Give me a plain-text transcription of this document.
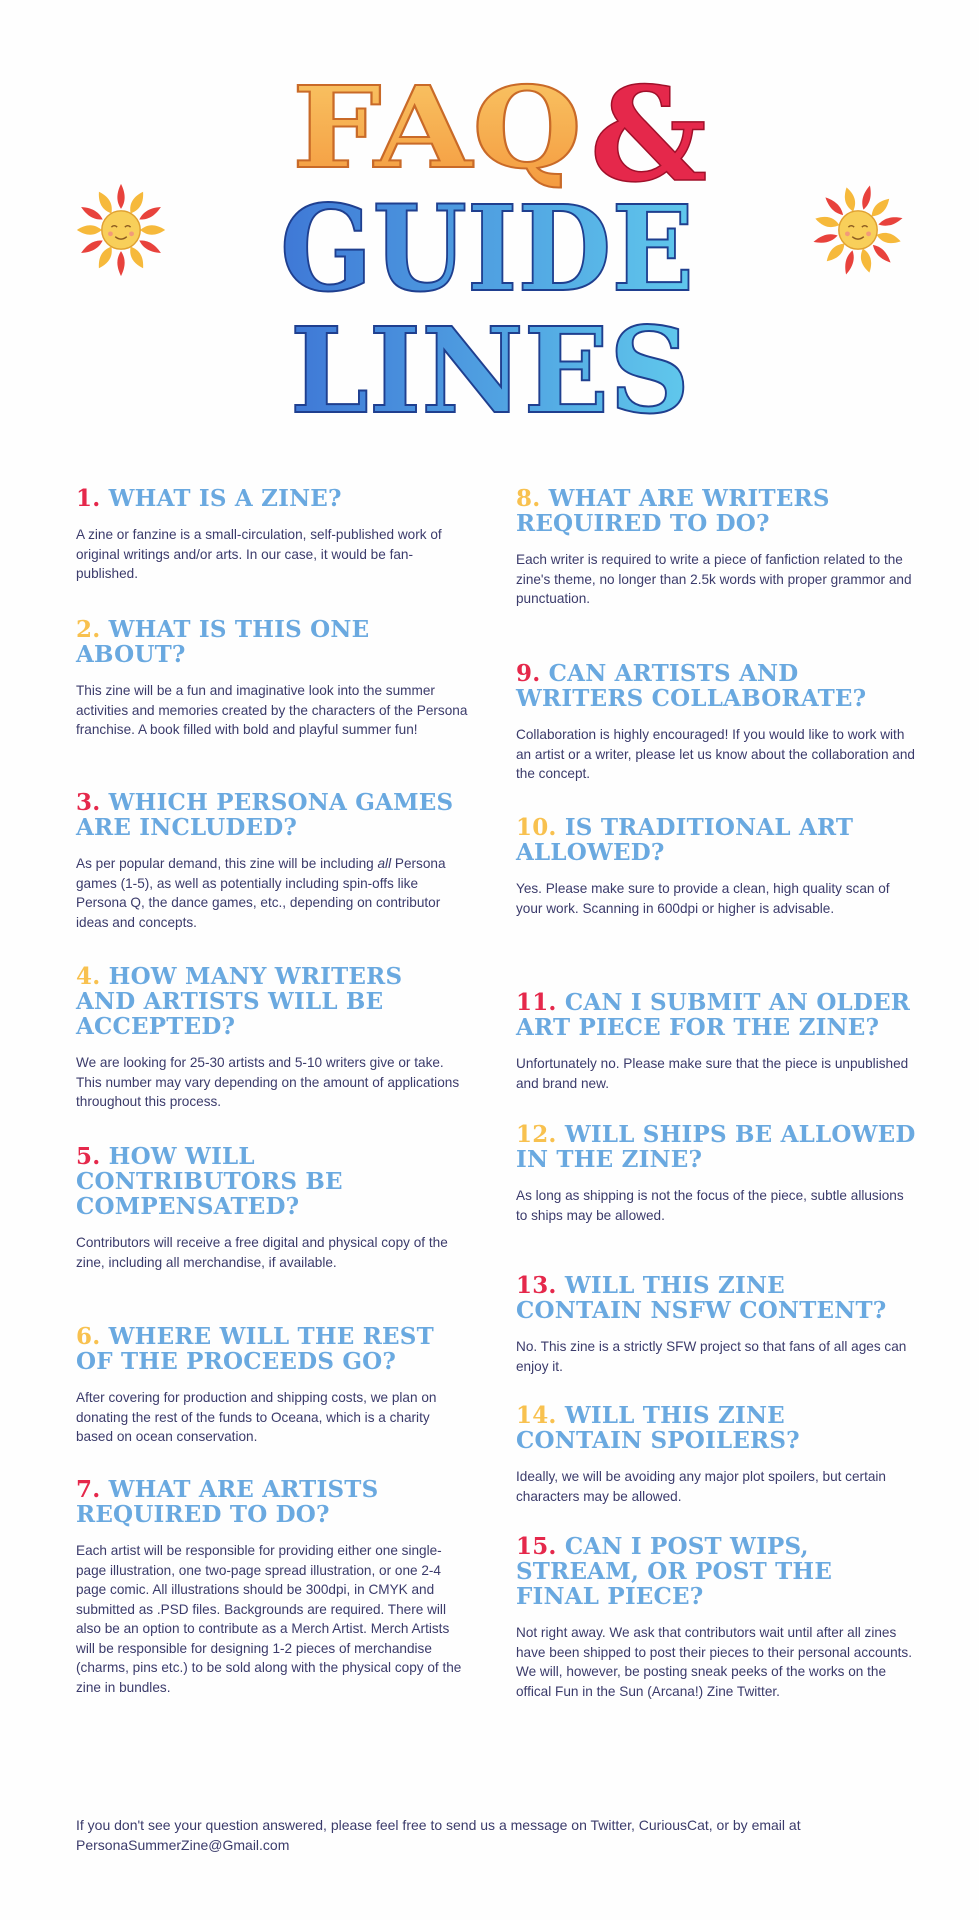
FAQ &
GUIDE
LINES
1. WHAT IS A ZINE?

A zine or fanzine is a small-circulation, self-published work of original writings and/or arts. In our case, it would be fan-published.

2. WHAT IS THIS ONE ABOUT?

This zine will be a fun and imaginative look into the summer activities and memories created by the characters of the Persona franchise. A book filled with bold and playful summer fun!

3. WHICH PERSONA GAMES ARE INCLUDED?

As per popular demand, this zine will be including all Persona games (1-5), as well as potentially including spin-offs like Persona Q, the dance games, etc., depending on contributor ideas and concepts.

4. HOW MANY WRITERS AND ARTISTS WILL BE ACCEPTED?

We are looking for 25-30 artists and 5-10 writers give or take. This number may vary depending on the amount of applications throughout this process.

5. HOW WILL CONTRIBUTORS BE COMPENSATED?

Contributors will receive a free digital and physical copy of the zine, including all merchandise, if available.

6. WHERE WILL THE REST OF THE PROCEEDS GO?

After covering for production and shipping costs, we plan on donating the rest of the funds to Oceana, which is a charity based on ocean conservation.

7. WHAT ARE ARTISTS REQUIRED TO DO?

Each artist will be responsible for providing either one single-page illustration, one two-page spread illustration, or one 2-4 page comic. All illustrations should be 300dpi, in CMYK and submitted as .PSD files. Backgrounds are required. There will also be an option to contribute as a Merch Artist. Merch Artists will be responsible for designing 1-2 pieces of merchandise (charms, pins etc.) to be sold along with the physical copy of the zine in bundles.

8. WHAT ARE WRITERS REQUIRED TO DO?

Each writer is required to write a piece of fanfiction related to the zine's theme, no longer than 2.5k words with proper grammor and punctuation.

9. CAN ARTISTS AND WRITERS COLLABORATE?

Collaboration is highly encouraged! If you would like to work with an artist or a writer, please let us know about the collaboration and the concept.

10. IS TRADITIONAL ART ALLOWED?

Yes. Please make sure to provide a clean, high quality scan of your work. Scanning in 600dpi or higher is advisable.

11. CAN I SUBMIT AN OLDER ART PIECE FOR THE ZINE?

Unfortunately no. Please make sure that the piece is unpublished and brand new.

12. WILL SHIPS BE ALLOWED IN THE ZINE?

As long as shipping is not the focus of the piece, subtle allusions to ships may be allowed.

13. WILL THIS ZINE CONTAIN NSFW CONTENT?

No. This zine is a strictly SFW project so that fans of all ages can enjoy it.

14. WILL THIS ZINE CONTAIN SPOILERS?

Ideally, we will be avoiding any major plot spoilers, but certain characters may be allowed.

15. CAN I POST WIPS, STREAM, OR POST THE FINAL PIECE?

Not right away. We ask that contributors wait until after all zines have been shipped to post their pieces to their personal accounts. We will, however, be posting sneak peeks of the works on the offical Fun in the Sun (Arcana!) Zine Twitter.

If you don't see your question answered, please feel free to send us a message on Twitter, CuriousCat, or by email at PersonaSummerZine@Gmail.com
